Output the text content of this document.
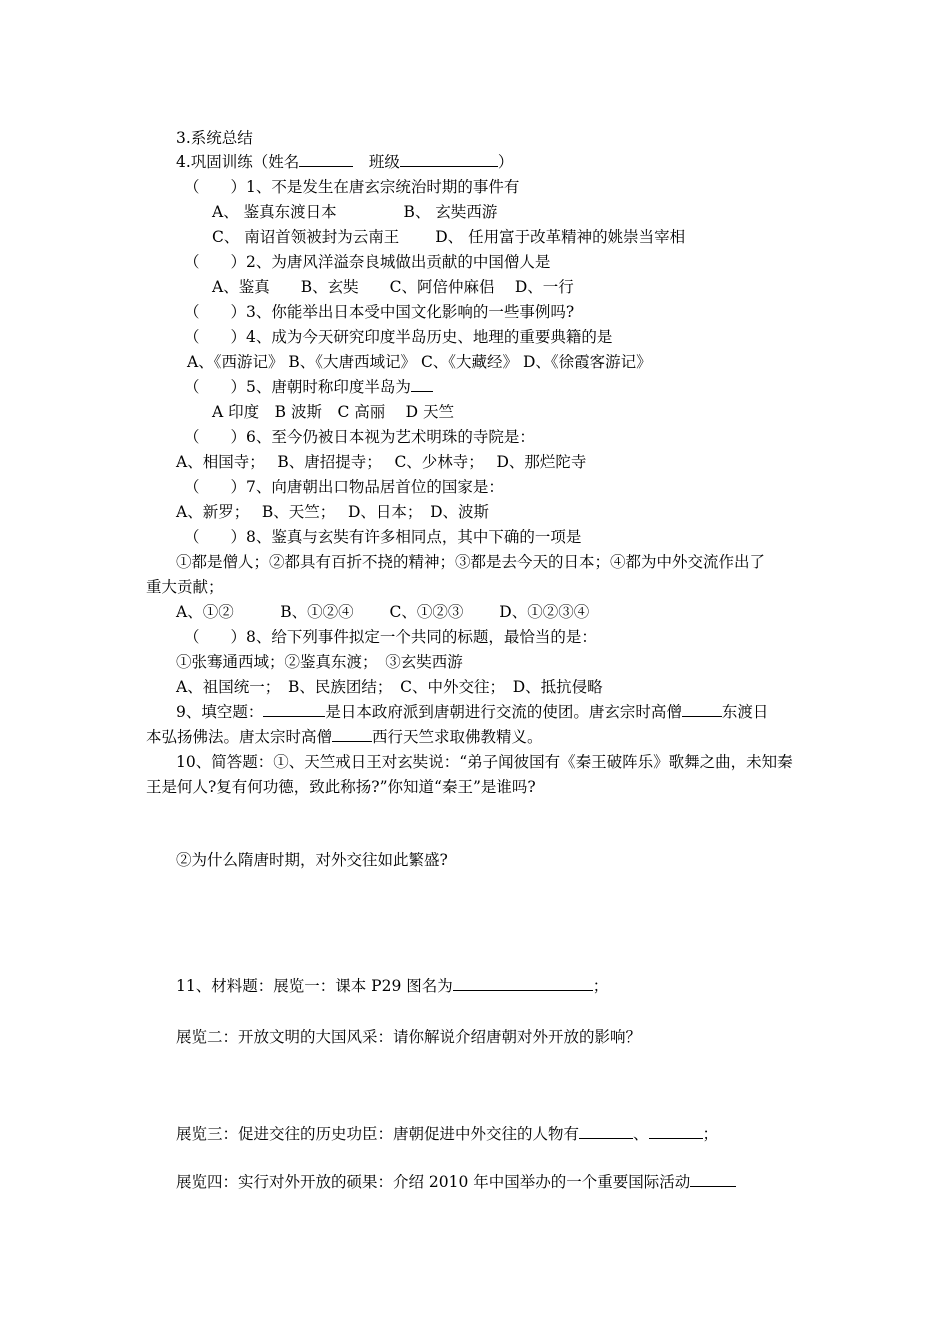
3.系统总结
4.巩固训练（姓名　	班级	）
（　　）1、不是发生在唐玄宗统治时期的事件有
A、 鉴真东渡日本　　　　 B、 玄奘西游
C、 南诏首领被封为云南王　　 D、 任用富于改革精神的姚崇当宰相
（　　）2、为唐风洋溢奈良城做出贡献的中国僧人是
A、鉴真　　B、玄奘　　C、阿倍仲麻侣　 D、一行
（　　）3、你能举出日本受中国文化影响的一些事例吗?
（　　）4、成为今天研究印度半岛历史、地理的重要典籍的是
A、《西游记》 B、《大唐西域记》 C、《大藏经》 D、《徐霞客游记》
（　　）5、唐朝时称印度半岛为
A 印度　B 波斯　C 高丽　 D 天竺
（　　）6、至今仍被日本视为艺术明珠的寺院是：
A、相国寺；　 B、唐招提寺；　 C、少林寺；　 D、那烂陀寺
（　　）7、向唐朝出口物品居首位的国家是：
A、新罗；　 B、天竺；　 D、日本；　D、波斯
（　　）8、鉴真与玄奘有许多相同点，其中下确的一项是
①都是僧人；②都具有百折不挠的精神；③都是去今天的日本；④都为中外交流作出了
重大贡献；
A、①②　　　B、①②④　　 C、①②③　　 D、①②③④
（　　）8、给下列事件拟定一个共同的标题，最恰当的是：
①张骞通西域；②鉴真东渡；　③玄奘西游
A、祖国统一；　B、民族团结；　C、中外交往；　D、抵抗侵略
9、填空题：	是日本政府派到唐朝进行交流的使团。唐玄宗时高僧	东渡日
本弘扬佛法。唐太宗时高僧	西行天竺求取佛教精义。
10、简答题：①、天竺戒日王对玄奘说：“弟子闻彼国有《秦王破阵乐》歌舞之曲，未知秦
王是何人?复有何功德，致此称扬?”你知道“秦王”是谁吗?
②为什么隋唐时期，对外交往如此繁盛?
11、材料题：展览一：课本 P29 图名为	；
展览二：开放文明的大国风采：请你解说介绍唐朝对外开放的影响？
展览三：促进交往的历史功臣：唐朝促进中外交往的人物有	、	；
展览四：实行对外开放的硕果：介绍 2010 年中国举办的一个重要国际活动
